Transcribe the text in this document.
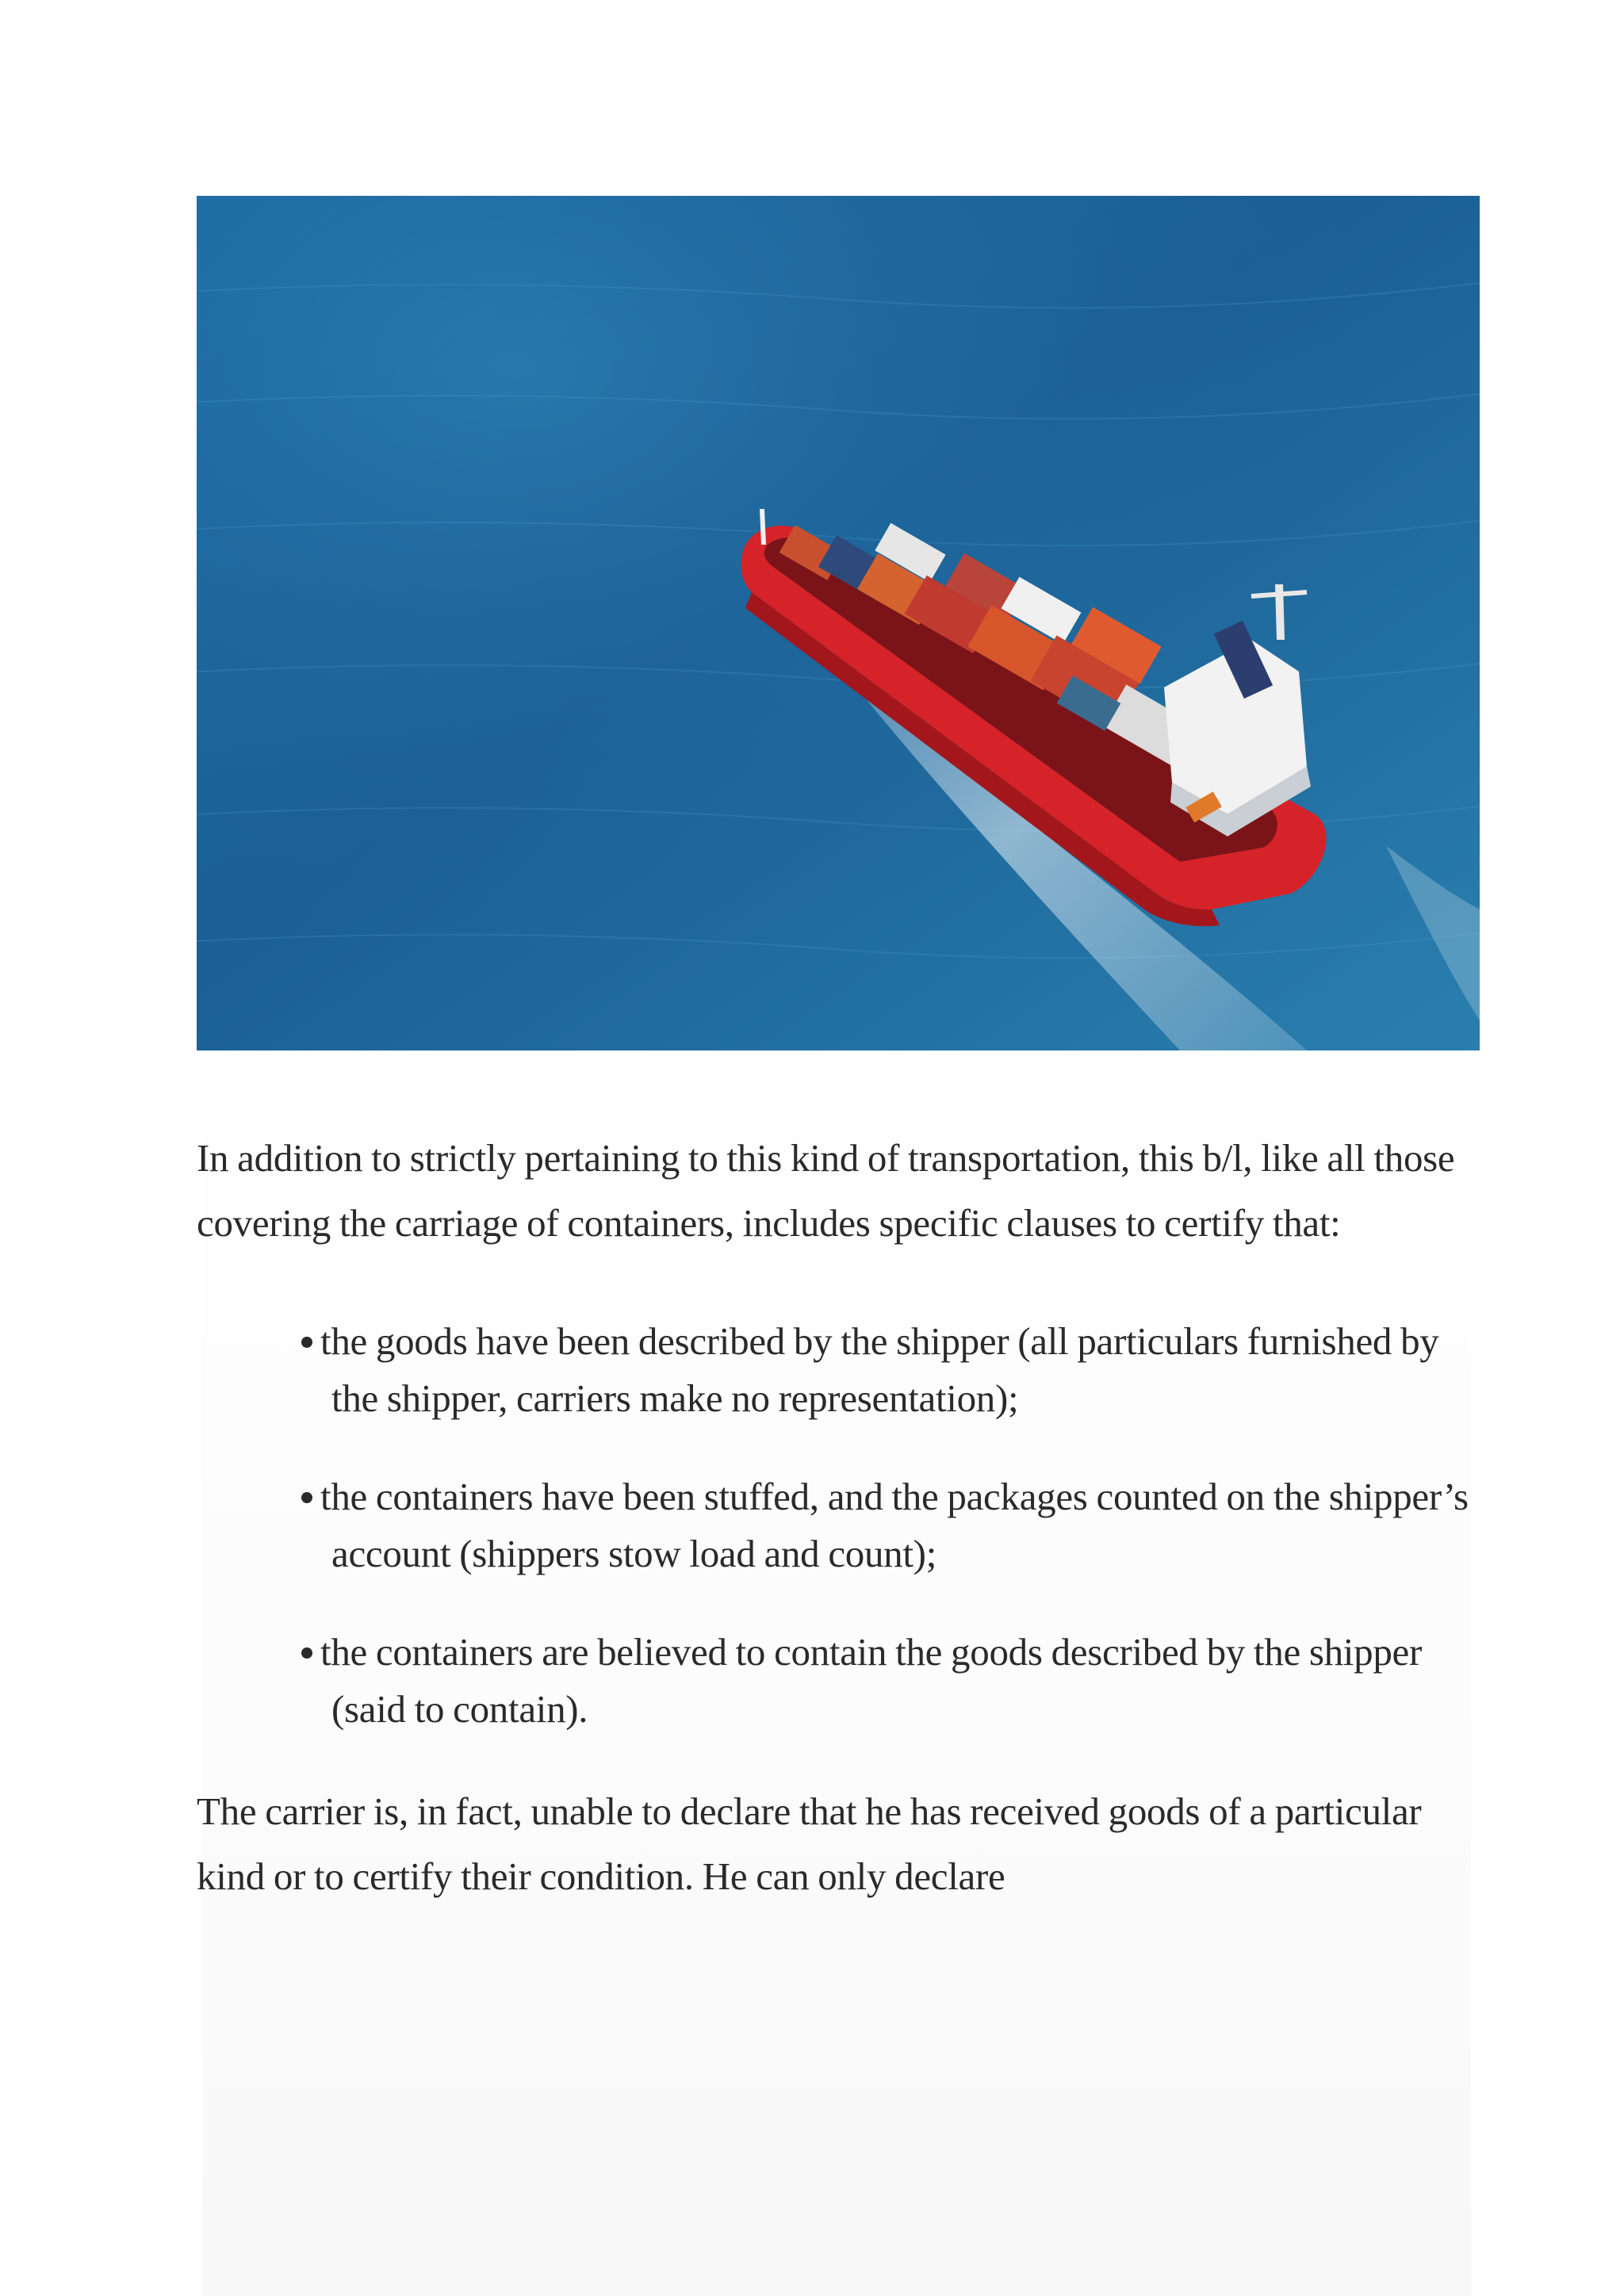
In addition to strictly pertaining to this kind of transportation, this b/l, like all those covering the carriage of containers, includes specific clauses to certify that:

the goods have been described by the shipper (all particulars furnished by the shipper, carriers make no representation);
the containers have been stuffed, and the packages counted on the shipper’s account (shippers stow load and count);
the containers are believed to contain the goods described by the shipper (said to contain).

The carrier is, in fact, unable to declare that he has received goods of a particular kind or to certify their condition. He can only declare
